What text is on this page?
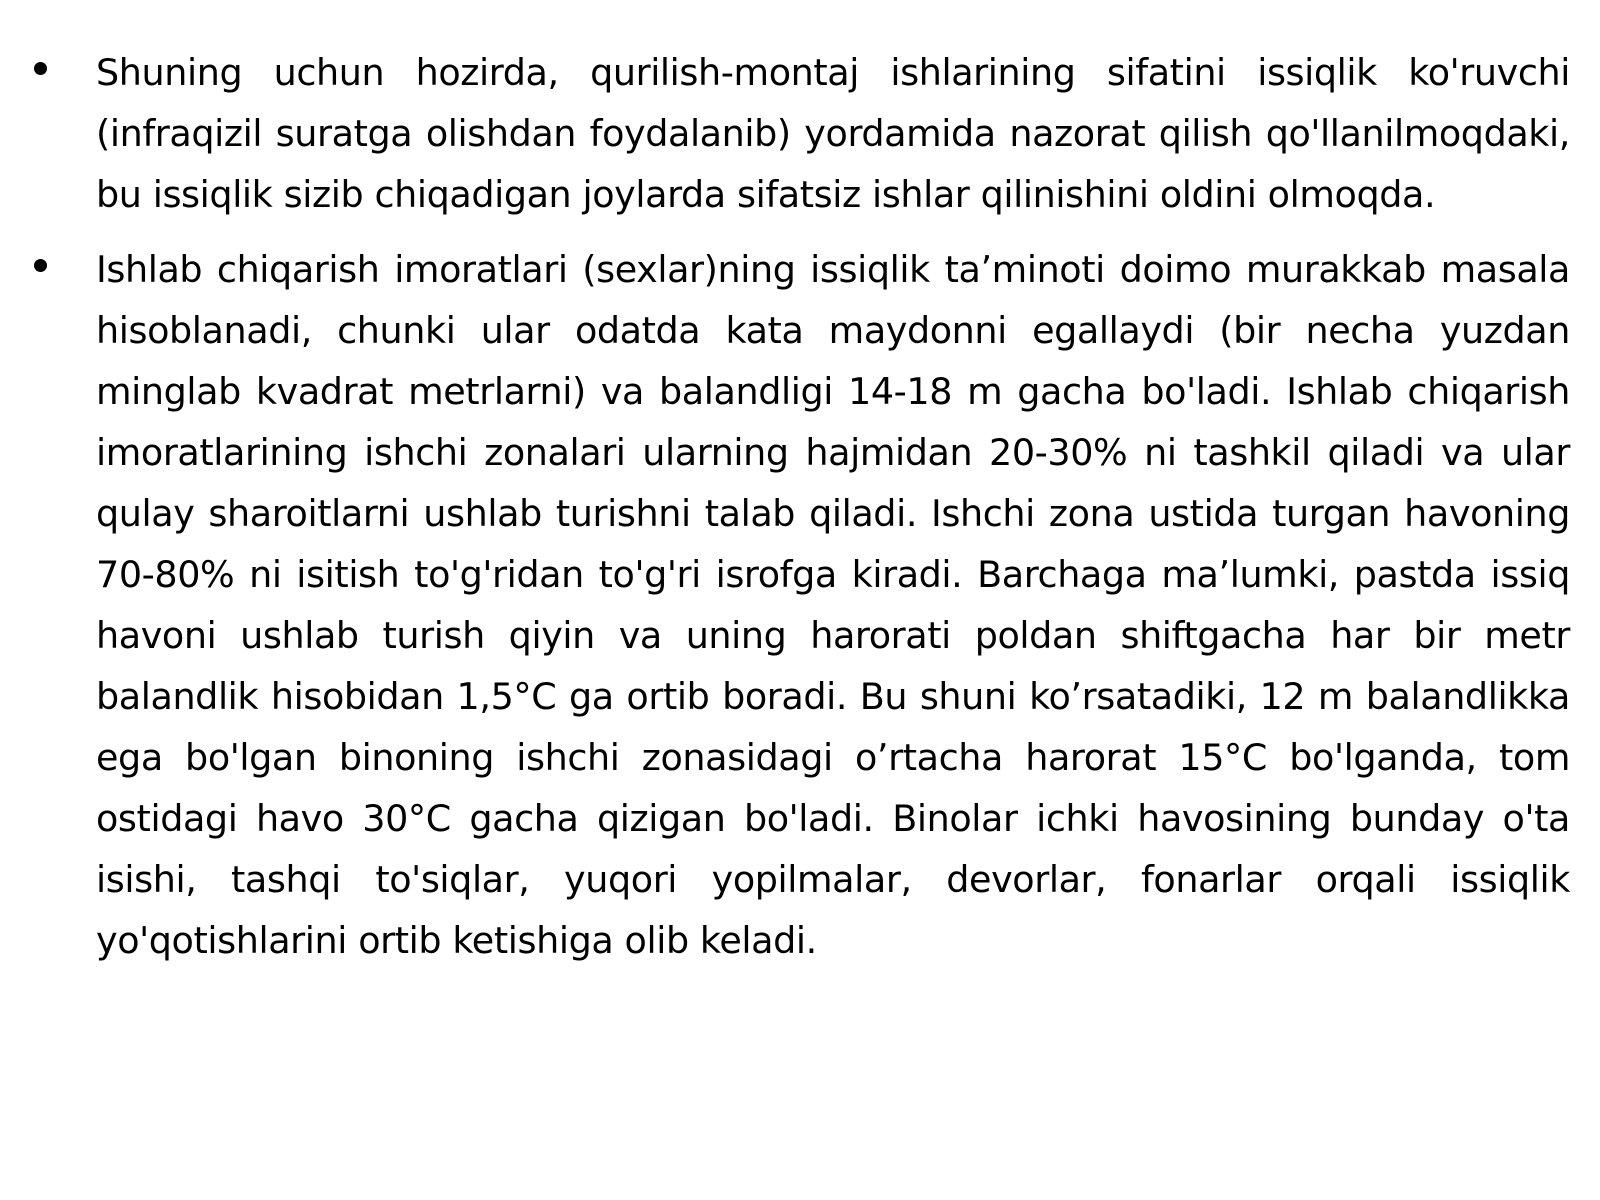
Shuning uchun hozirda, qurilish-montaj ishlarining sifatini issiqlik ko'ruvchi (infraqizil suratga olishdan foydalanib) yordamida nazorat qilish qo'llanilmoqdaki, bu issiqlik sizib chiqadigan joylarda sifatsiz ishlar qilinishini oldini olmoqda.
Ishlab chiqarish imoratlari (sexlar)ning issiqlik ta’minoti doimo murakkab masala hisoblanadi, chunki ular odatda kata maydonni egallaydi (bir necha yuzdan minglab kvadrat metrlarni) va balandligi 14-18 m gacha bo'ladi. Ishlab chiqarish imoratlarining ishchi zonalari ularning hajmidan 20-30% ni tashkil qiladi va ular qulay sharoitlarni ushlab turishni talab qiladi. Ishchi zona ustida turgan havoning 70-80% ni isitish to'g'ridan to'g'ri isrofga kiradi. Barchaga ma’lumki, pastda issiq havoni ushlab turish qiyin va uning harorati poldan shiftgacha har bir metr balandlik hisobidan 1,5°C ga ortib boradi. Bu shuni ko’rsatadiki, 12 m balandlikka ega bo'lgan binoning ishchi zonasidagi o’rtacha harorat 15°C bo'lganda, tom ostidagi havo 30°C gacha qizigan bo'ladi. Binolar ichki havosining bunday o'ta isishi, tashqi to'siqlar, yuqori yopilmalar, devorlar, fonarlar orqali issiqlik yo'qotishlarini ortib ketishiga olib keladi.
